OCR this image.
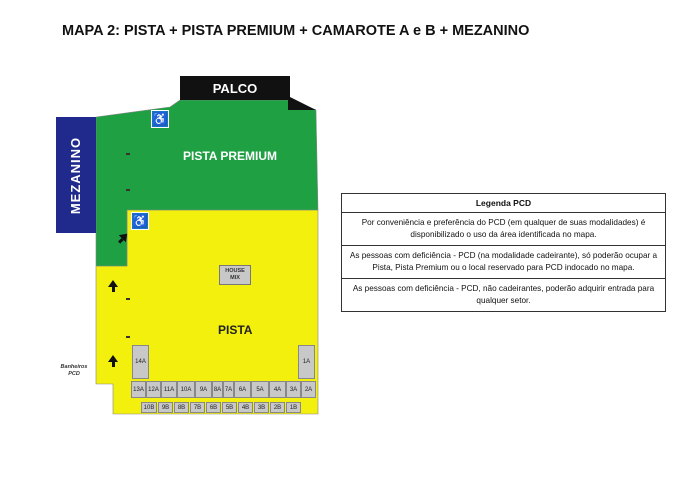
MAPA 2: PISTA + PISTA PREMIUM + CAMAROTE A e B + MEZANINO
MEZANINO
PALCO
♿
♿
PISTA PREMIUM
PISTA
HOUSE
MIX
14A	1A
13A 12A 11A 10A 9A 8A 7A 6A 5A 4A 3A 2A
10B 9B 8B 7B 6B 5B 4B 3B 2B 1B
Banheiros
PCD
Legenda PCD
Por conveniência e preferência do PCD (em qualquer de suas modalidades) é disponibilizado o uso da área identificada no mapa.
As pessoas com deficiência - PCD (na modalidade cadeirante), só poderão ocupar a Pista, Pista Premium ou o local reservado para PCD indocado no mapa.
As pessoas com deficiência - PCD, não cadeirantes, poderão adquirir entrada para qualquer setor.
